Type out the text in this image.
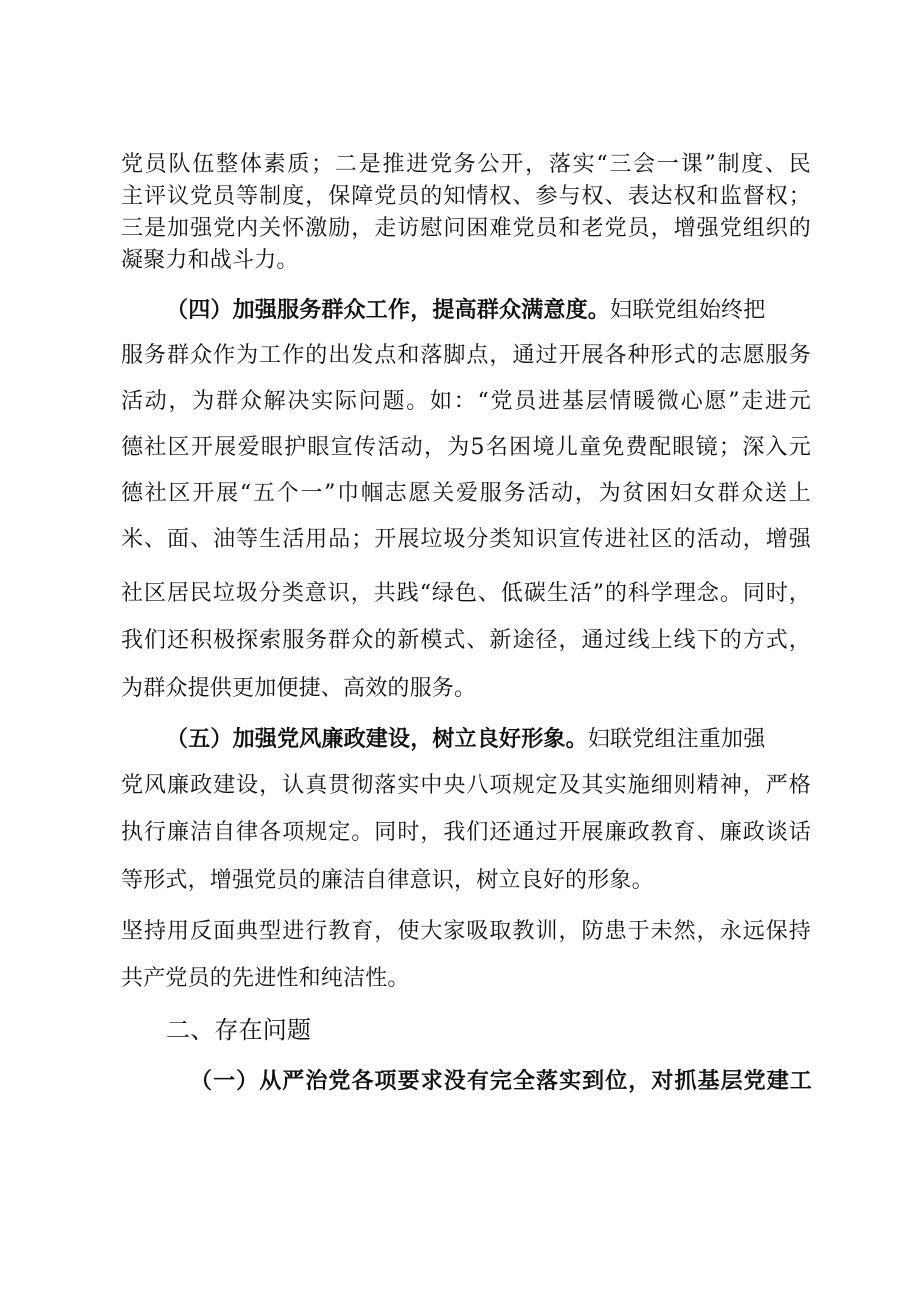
党员队伍整体素质；二是推进党务公开，落实“三会一课”制度、民
主评议党员等制度，保障党员的知情权、参与权、表达权和监督权；
三是加强党内关怀激励，走访慰问困难党员和老党员，增强党组织的
凝聚力和战斗力。
（四）加强服务群众工作，提高群众满意度。妇联党组始终把
服务群众作为工作的出发点和落脚点，通过开展各种形式的志愿服务
活动，为群众解决实际问题。如：“党员进基层情暖微心愿”走进元
德社区开展爱眼护眼宣传活动，为5名困境儿童免费配眼镜；深入元
德社区开展“五个一”巾帼志愿关爱服务活动，为贫困妇女群众送上
米、面、油等生活用品；开展垃圾分类知识宣传进社区的活动，增强
社区居民垃圾分类意识，共践“绿色、低碳生活”的科学理念。同时，
我们还积极探索服务群众的新模式、新途径，通过线上线下的方式，
为群众提供更加便捷、高效的服务。
（五）加强党风廉政建设，树立良好形象。妇联党组注重加强
党风廉政建设，认真贯彻落实中央八项规定及其实施细则精神，严格
执行廉洁自律各项规定。同时，我们还通过开展廉政教育、廉政谈话
等形式，增强党员的廉洁自律意识，树立良好的形象。
坚持用反面典型进行教育，使大家吸取教训，防患于未然，永远保持
共产党员的先进性和纯洁性。
二、存在问题
（一）从严治党各项要求没有完全落实到位，对抓基层党建工
